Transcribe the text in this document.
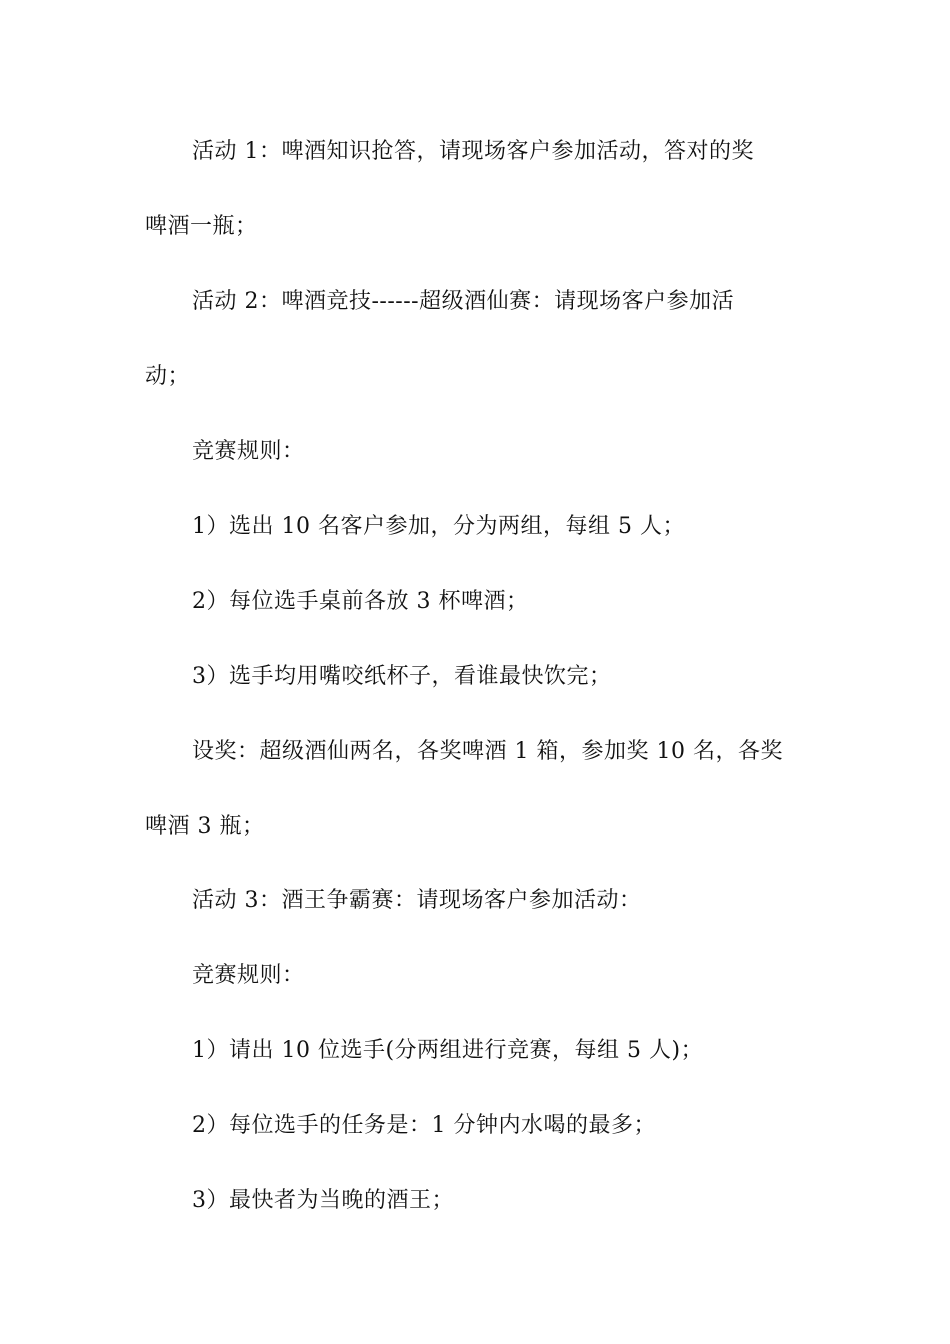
活动 1：啤酒知识抢答，请现场客户参加活动，答对的奖
啤酒一瓶；
活动 2：啤酒竞技------超级酒仙赛：请现场客户参加活
动；
竞赛规则：
1）选出 10 名客户参加，分为两组，每组 5 人；
2）每位选手桌前各放 3 杯啤酒；
3）选手均用嘴咬纸杯子，看谁最快饮完；
设奖：超级酒仙两名，各奖啤酒 1 箱，参加奖 10 名，各奖
啤酒 3 瓶；
活动 3：酒王争霸赛：请现场客户参加活动：
竞赛规则：
1）请出 10 位选手(分两组进行竞赛，每组 5 人)；
2）每位选手的任务是：1 分钟内水喝的最多；
3）最快者为当晚的酒王；
